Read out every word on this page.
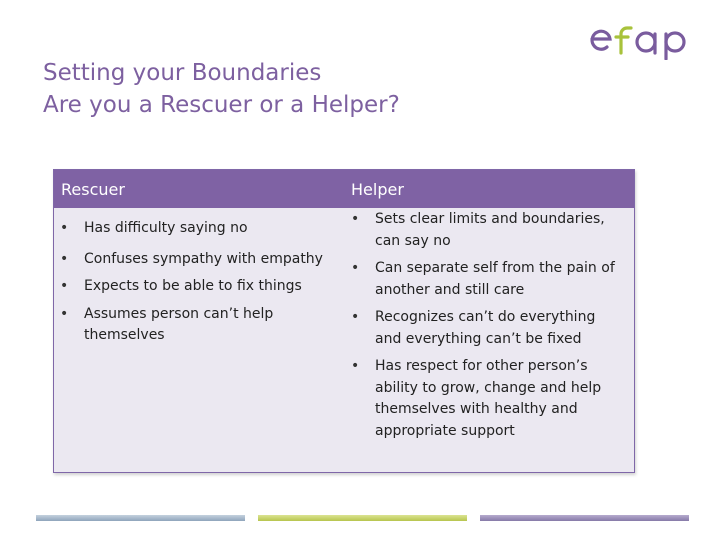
Setting your Boundaries
Are you a Rescuer or a Helper?
Rescuer	Helper
• Has difficulty saying no
• Confuses sympathy with empathy
• Expects to be able to fix things
• Assumes person can’t help themselves
• Sets clear limits and boundaries, can say no
• Can separate self from the pain of another and still care
• Recognizes can’t do everything and everything can’t be fixed
• Has respect for other person’s ability to grow, change and help themselves with healthy and appropriate support
